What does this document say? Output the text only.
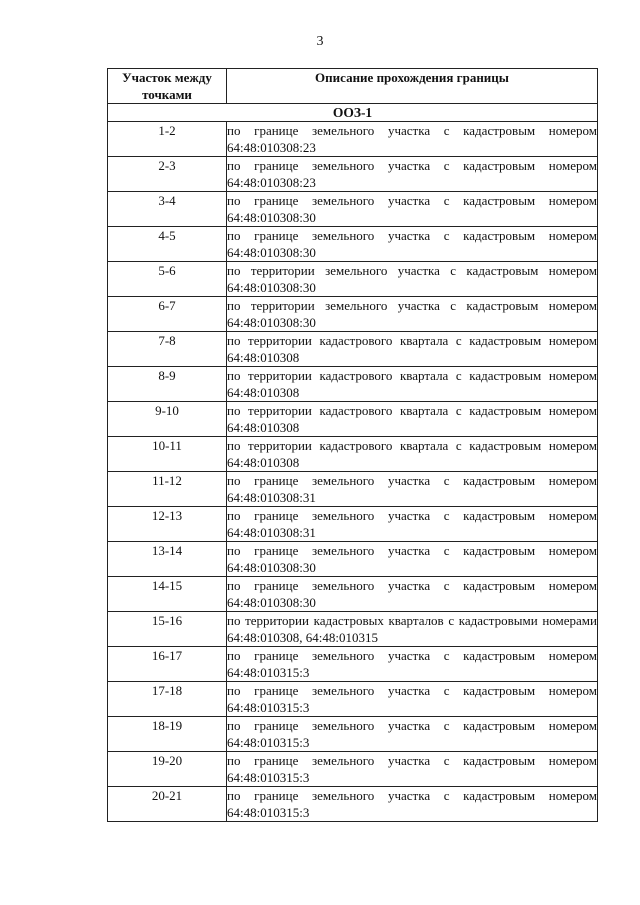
3
Участок между точками	Описание прохождения границы
ООЗ-1	
1-2	по границе земельного участка с кадастровым номером 64:48:010308:23
2-3	по границе земельного участка с кадастровым номером 64:48:010308:23
3-4	по границе земельного участка с кадастровым номером 64:48:010308:30
4-5	по границе земельного участка с кадастровым номером 64:48:010308:30
5-6	по территории земельного участка с кадастровым номером 64:48:010308:30
6-7	по территории земельного участка с кадастровым номером 64:48:010308:30
7-8	по территории кадастрового квартала с кадастровым номером 64:48:010308
8-9	по территории кадастрового квартала с кадастровым номером 64:48:010308
9-10	по территории кадастрового квартала с кадастровым номером 64:48:010308
10-11	по территории кадастрового квартала с кадастровым номером 64:48:010308
11-12	по границе земельного участка с кадастровым номером 64:48:010308:31
12-13	по границе земельного участка с кадастровым номером 64:48:010308:31
13-14	по границе земельного участка с кадастровым номером 64:48:010308:30
14-15	по границе земельного участка с кадастровым номером 64:48:010308:30
15-16	по территории кадастровых кварталов с кадастровыми номерами 64:48:010308, 64:48:010315
16-17	по границе земельного участка с кадастровым номером 64:48:010315:3
17-18	по границе земельного участка с кадастровым номером 64:48:010315:3
18-19	по границе земельного участка с кадастровым номером 64:48:010315:3
19-20	по границе земельного участка с кадастровым номером 64:48:010315:3
20-21	по границе земельного участка с кадастровым номером 64:48:010315:3
